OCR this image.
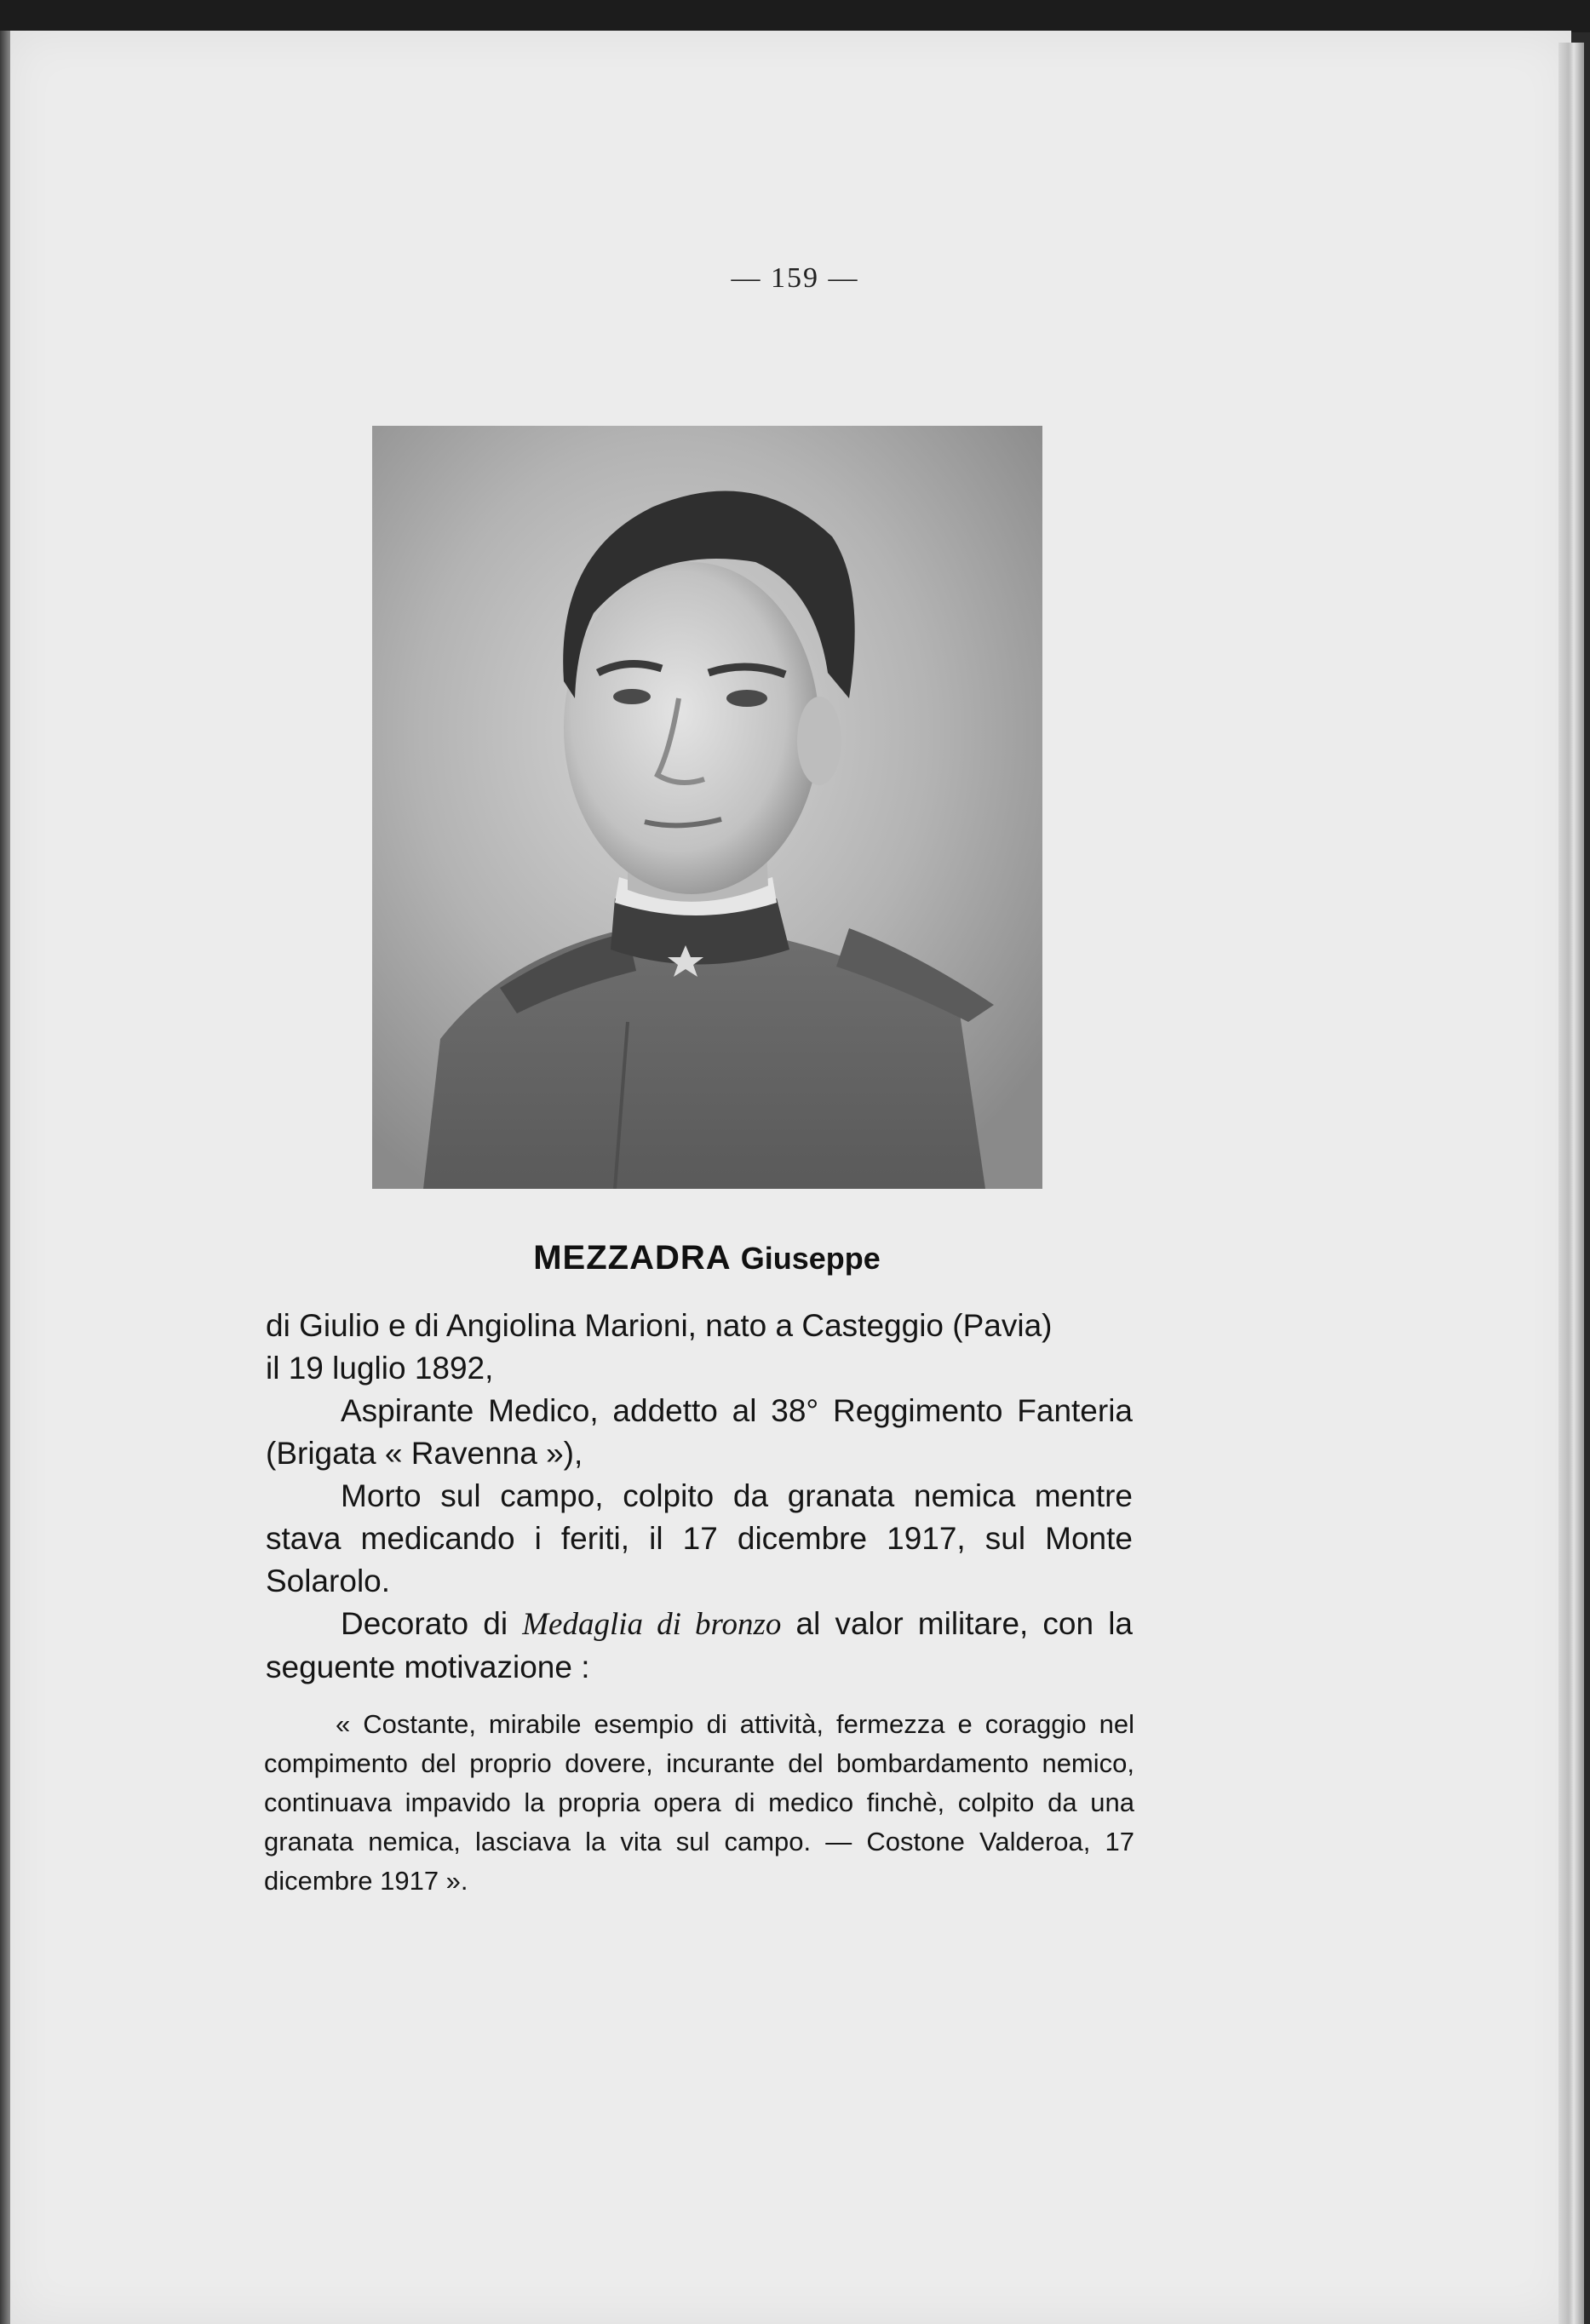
— 159 —
MEZZADRA Giuseppe

di Giulio e di Angiolina Marioni, nato a Casteggio (Pavia)

il 19 luglio 1892,

Aspirante Medico, addetto al 38° Reggimento Fanteria (Brigata « Ravenna »),

Morto sul campo, colpito da granata nemica mentre stava medicando i feriti, il 17 dicembre 1917, sul Monte Solarolo.

Decorato di Medaglia di bronzo al valor militare, con la seguente motivazione :

« Costante, mirabile esempio di attività, fermezza e coraggio nel compimento del proprio dovere, incurante del bombardamento nemico, continuava impavido la propria opera di medico finchè, colpito da una granata nemica, lasciava la vita sul campo. — Costone Valderoa, 17 dicembre 1917 ».
